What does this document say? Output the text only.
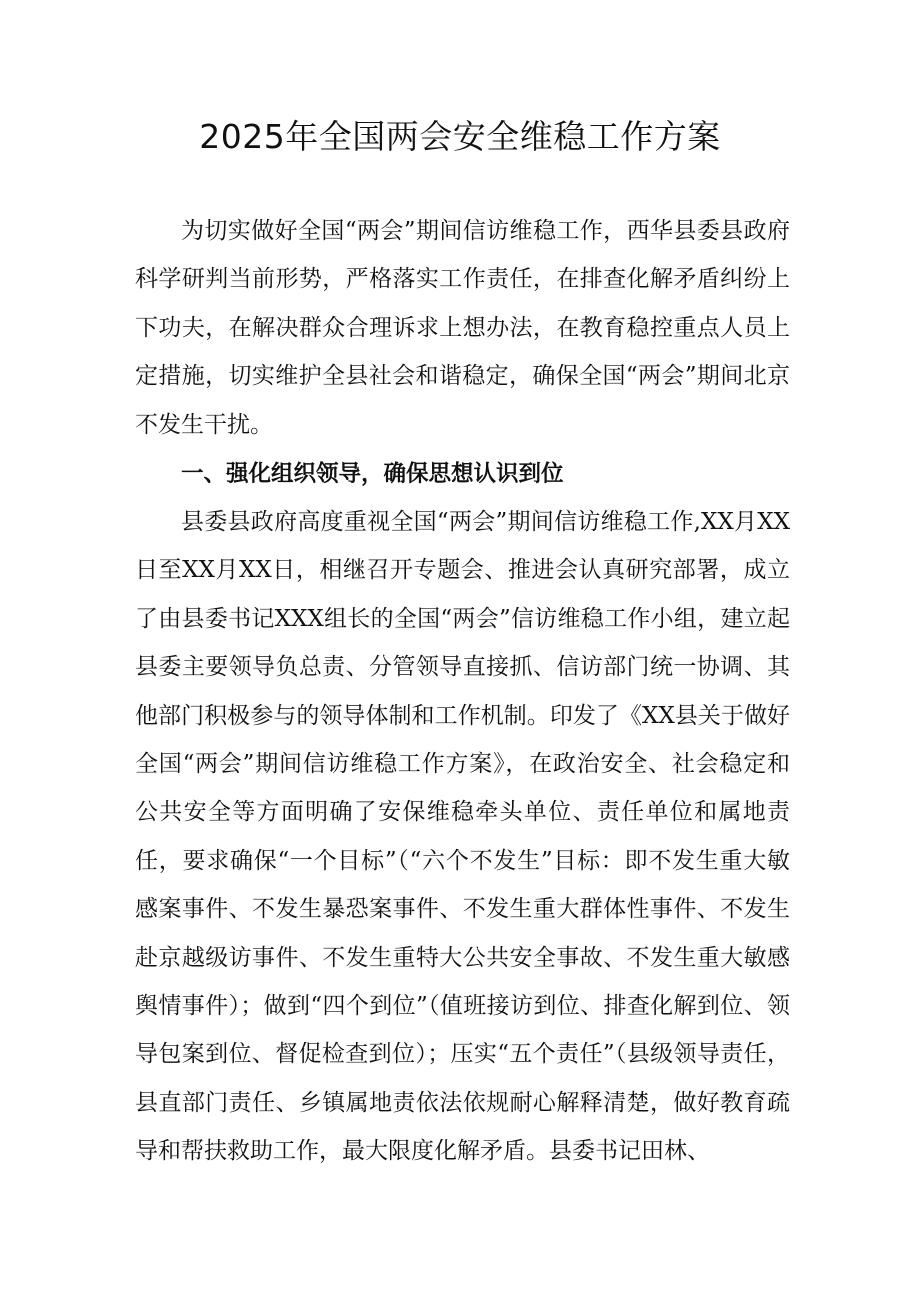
2025年全国两会安全维稳工作方案

为切实做好全国“两会”期间信访维稳工作，西华县委县政府科学研判当前形势，严格落实工作责任，在排查化解矛盾纠纷上下功夫，在解决群众合理诉求上想办法，在教育稳控重点人员上定措施，切实维护全县社会和谐稳定，确保全国“两会”期间北京不发生干扰。

一、强化组织领导，确保思想认识到位

县委县政府高度重视全国“两会”期间信访维稳工作,XX月XX日至XX月XX日，相继召开专题会、推进会认真研究部署，成立了由县委书记XXX组长的全国“两会”信访维稳工作小组，建立起县委主要领导负总责、分管领导直接抓、信访部门统一协调、其他部门积极参与的领导体制和工作机制。印发了《XX县关于做好全国“两会”期间信访维稳工作方案》，在政治安全、社会稳定和公共安全等方面明确了安保维稳牵头单位、责任单位和属地责任，要求确保“一个目标”（“六个不发生”目标：即不发生重大敏感案事件、不发生暴恐案事件、不发生重大群体性事件、不发生赴京越级访事件、不发生重特大公共安全事故、不发生重大敏感舆情事件）；做到“四个到位”（值班接访到位、排查化解到位、领导包案到位、督促检查到位）；压实“五个责任”（县级领导责任，县直部门责任、乡镇属地责依法依规耐心解释清楚，做好教育疏导和帮扶救助工作，最大限度化解矛盾。县委书记田林、
